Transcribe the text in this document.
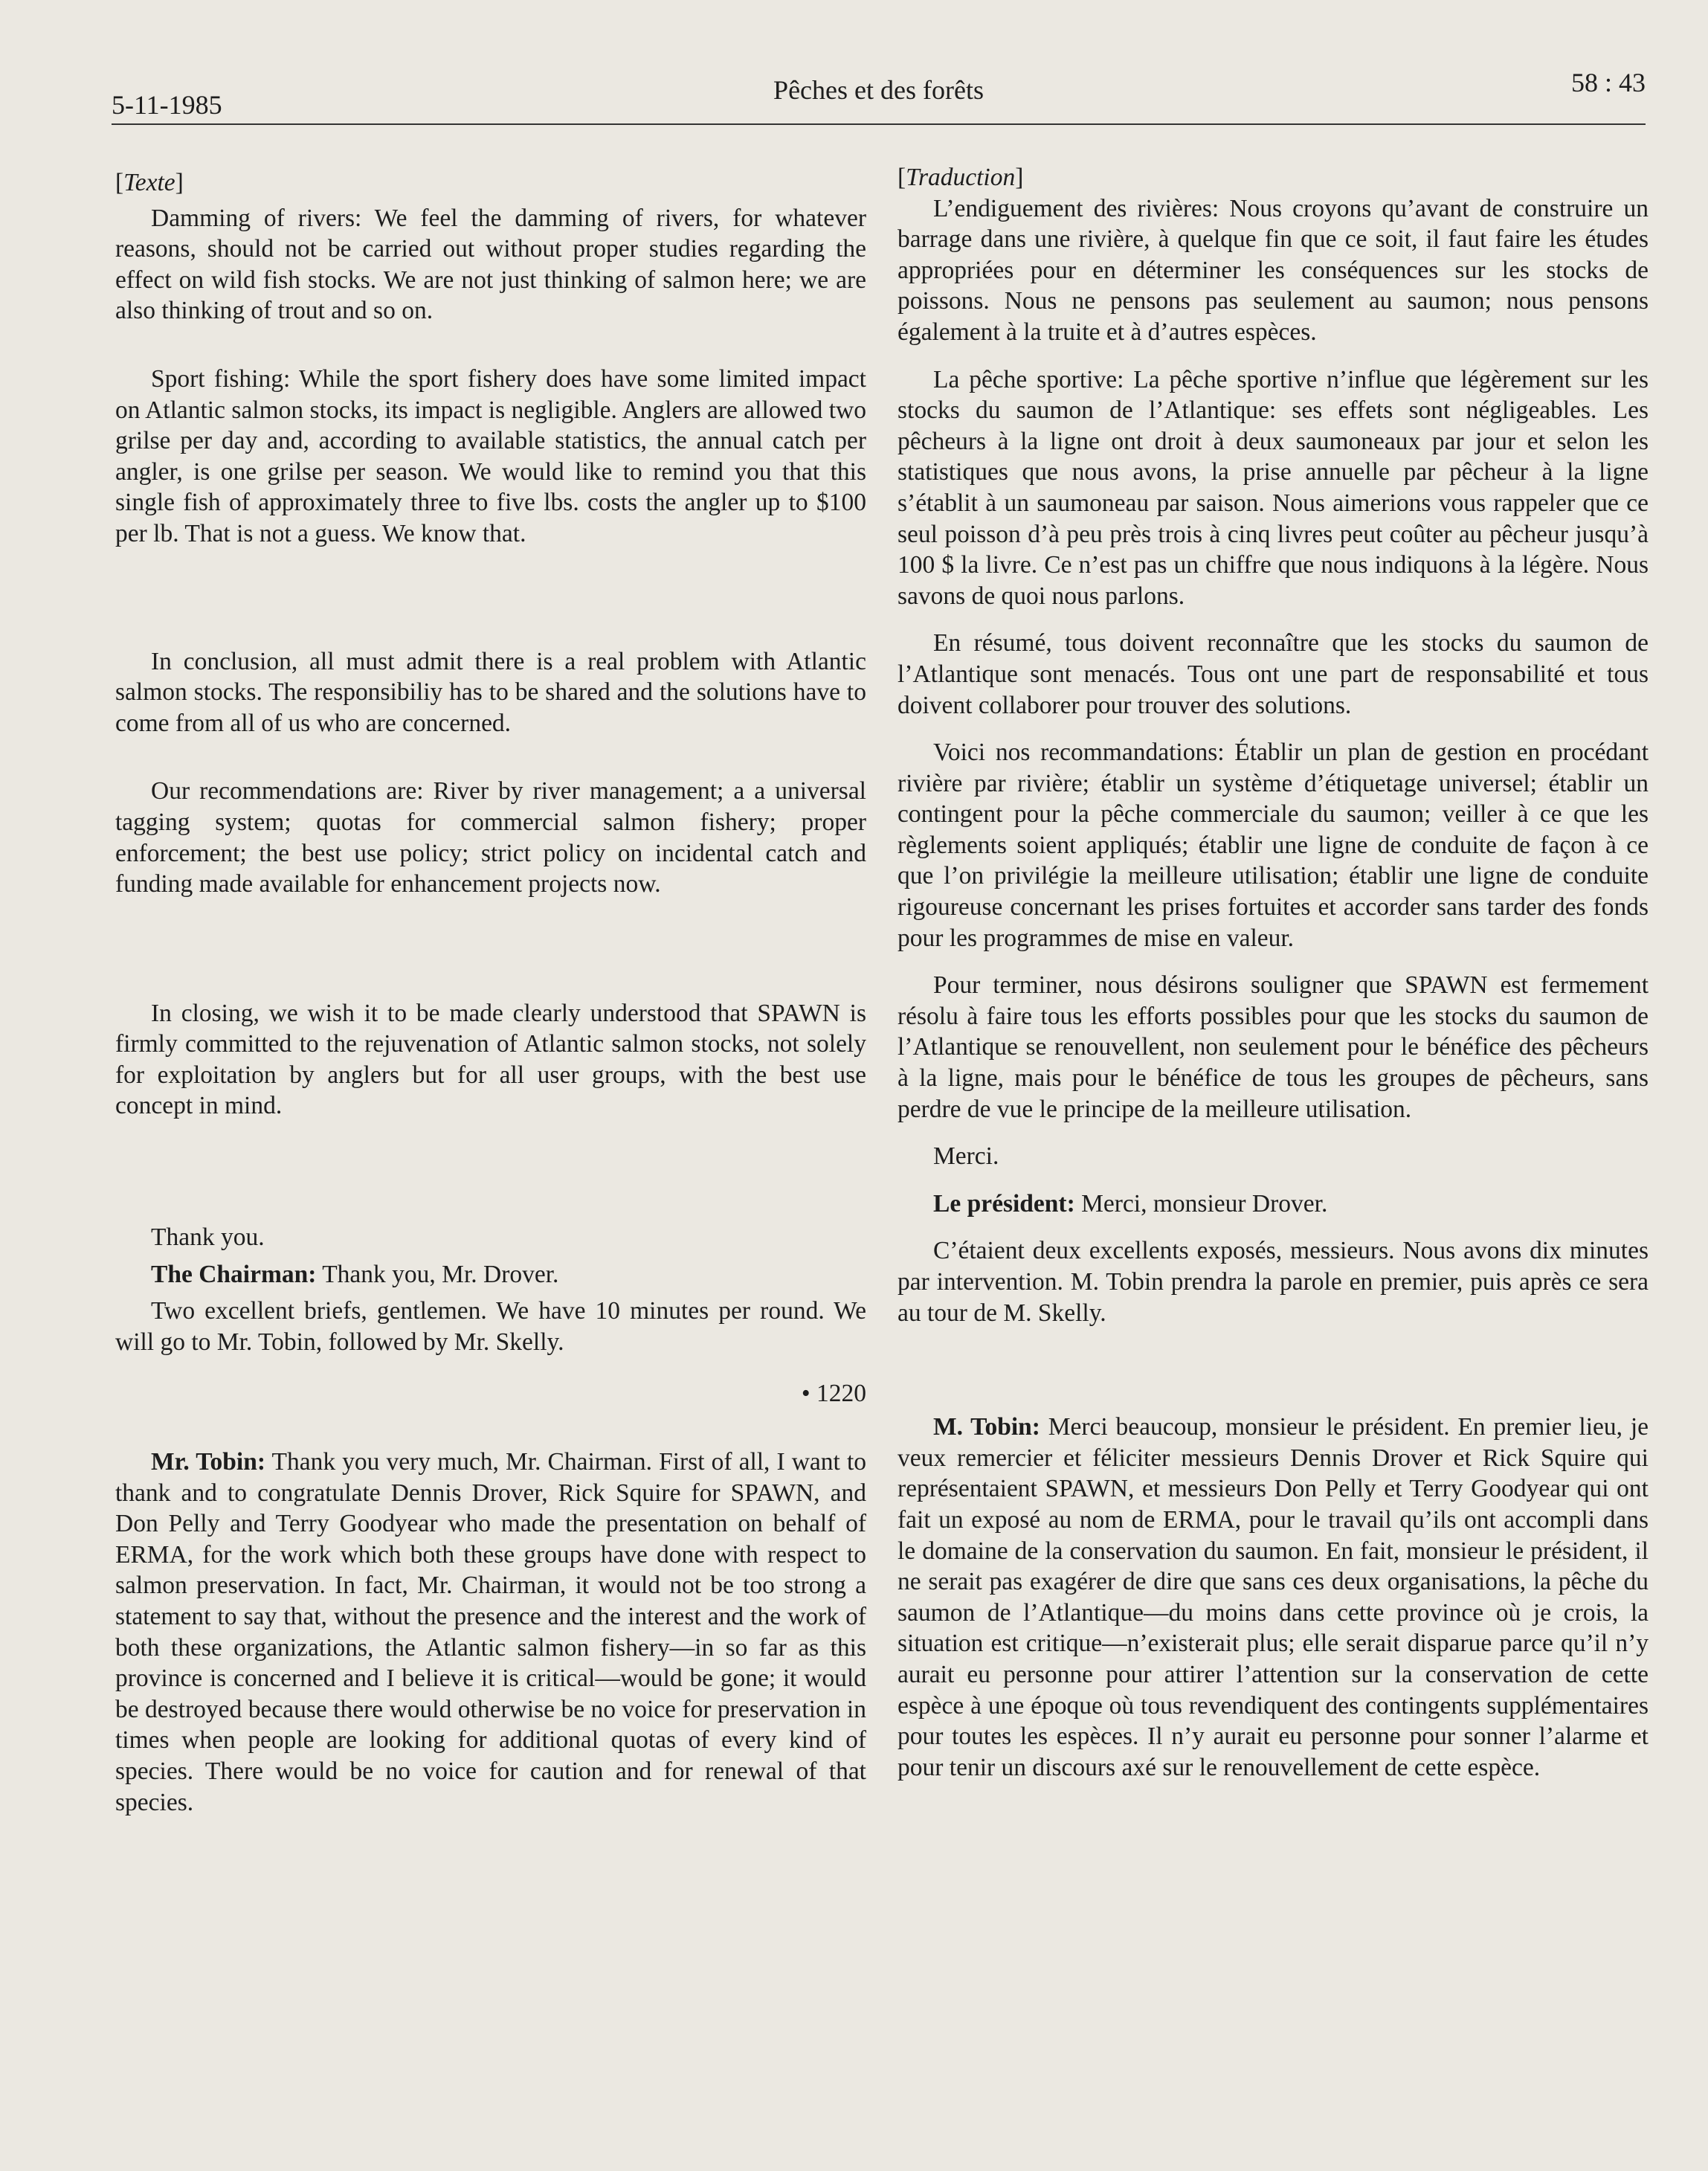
5-11-1985	Pêches et des forêts	58 : 43

[Texte]

Damming of rivers: We feel the damming of rivers, for whatever reasons, should not be carried out without proper studies regarding the effect on wild fish stocks. We are not just thinking of salmon here; we are also thinking of trout and so on.

Sport fishing: While the sport fishery does have some limited impact on Atlantic salmon stocks, its impact is negligible. Anglers are allowed two grilse per day and, according to available statistics, the annual catch per angler, is one grilse per season. We would like to remind you that this single fish of approximately three to five lbs. costs the angler up to $100 per lb. That is not a guess. We know that.

In conclusion, all must admit there is a real problem with Atlantic salmon stocks. The responsibiliy has to be shared and the solutions have to come from all of us who are concerned.

Our recommendations are: River by river management; a a universal tagging system; quotas for commercial salmon fishery; proper enforcement; the best use policy; strict policy on incidental catch and funding made available for enhancement projects now.

In closing, we wish it to be made clearly understood that SPAWN is firmly committed to the rejuvenation of Atlantic salmon stocks, not solely for exploitation by anglers but for all user groups, with the best use concept in mind.

Thank you.

The Chairman: Thank you, Mr. Drover.

Two excellent briefs, gentlemen. We have 10 minutes per round. We will go to Mr. Tobin, followed by Mr. Skelly.

• 1220

Mr. Tobin: Thank you very much, Mr. Chairman. First of all, I want to thank and to congratulate Dennis Drover, Rick Squire for SPAWN, and Don Pelly and Terry Goodyear who made the presentation on behalf of ERMA, for the work which both these groups have done with respect to salmon preservation. In fact, Mr. Chairman, it would not be too strong a statement to say that, without the presence and the interest and the work of both these organizations, the Atlantic salmon fishery—in so far as this province is concerned and I believe it is critical—would be gone; it would be destroyed because there would otherwise be no voice for preservation in times when people are looking for additional quotas of every kind of species. There would be no voice for caution and for renewal of that species.

[Traduction]

L’endiguement des rivières: Nous croyons qu’avant de construire un barrage dans une rivière, à quelque fin que ce soit, il faut faire les études appropriées pour en déterminer les conséquences sur les stocks de poissons. Nous ne pensons pas seulement au saumon; nous pensons également à la truite et à d’autres espèces.

La pêche sportive: La pêche sportive n’influe que légèrement sur les stocks du saumon de l’Atlantique: ses effets sont négligeables. Les pêcheurs à la ligne ont droit à deux saumoneaux par jour et selon les statistiques que nous avons, la prise annuelle par pêcheur à la ligne s’établit à un saumoneau par saison. Nous aimerions vous rappeler que ce seul poisson d’à peu près trois à cinq livres peut coûter au pêcheur jusqu’à 100 $ la livre. Ce n’est pas un chiffre que nous indiquons à la légère. Nous savons de quoi nous parlons.

En résumé, tous doivent reconnaître que les stocks du saumon de l’Atlantique sont menacés. Tous ont une part de responsabilité et tous doivent collaborer pour trouver des solutions.

Voici nos recommandations: Établir un plan de gestion en procédant rivière par rivière; établir un système d’étiquetage universel; établir un contingent pour la pêche commerciale du saumon; veiller à ce que les règlements soient appliqués; établir une ligne de conduite de façon à ce que l’on privilégie la meilleure utilisation; établir une ligne de conduite rigoureuse concernant les prises fortuites et accorder sans tarder des fonds pour les programmes de mise en valeur.

Pour terminer, nous désirons souligner que SPAWN est fermement résolu à faire tous les efforts possibles pour que les stocks du saumon de l’Atlantique se renouvellent, non seulement pour le bénéfice des pêcheurs à la ligne, mais pour le bénéfice de tous les groupes de pêcheurs, sans perdre de vue le principe de la meilleure utilisation.

Merci.

Le président: Merci, monsieur Drover.

C’étaient deux excellents exposés, messieurs. Nous avons dix minutes par intervention. M. Tobin prendra la parole en premier, puis après ce sera au tour de M. Skelly.

M. Tobin: Merci beaucoup, monsieur le président. En premier lieu, je veux remercier et féliciter messieurs Dennis Drover et Rick Squire qui représentaient SPAWN, et messieurs Don Pelly et Terry Goodyear qui ont fait un exposé au nom de ERMA, pour le travail qu’ils ont accompli dans le domaine de la conservation du saumon. En fait, monsieur le président, il ne serait pas exagérer de dire que sans ces deux organisations, la pêche du saumon de l’Atlantique—du moins dans cette province où je crois, la situation est critique—n’existerait plus; elle serait disparue parce qu’il n’y aurait eu personne pour attirer l’attention sur la conservation de cette espèce à une époque où tous revendiquent des contingents supplémentaires pour toutes les espèces. Il n’y aurait eu personne pour sonner l’alarme et pour tenir un discours axé sur le renouvellement de cette espèce.
